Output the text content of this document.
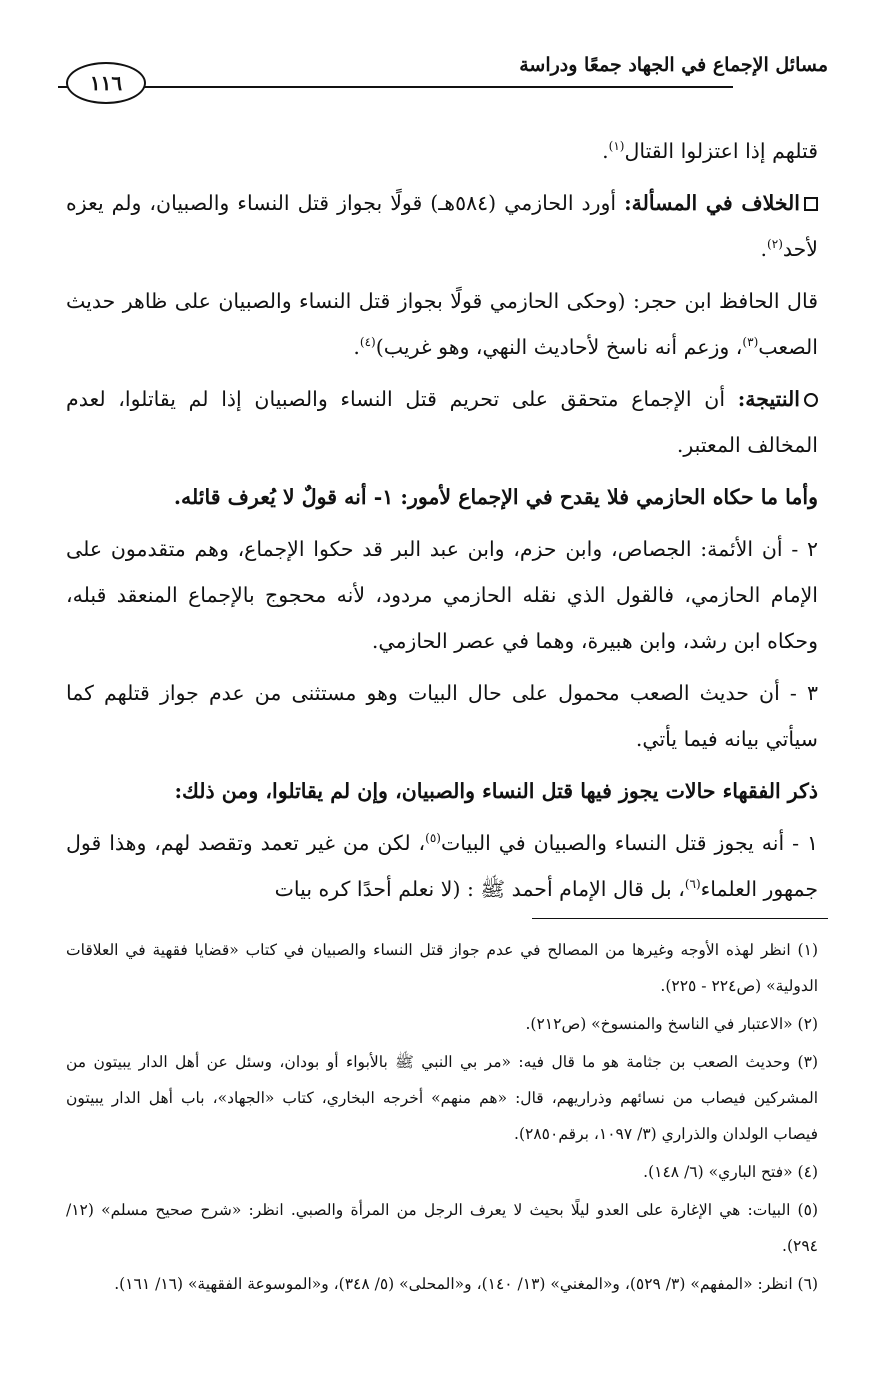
مسائل الإجماع في الجهاد جمعًا ودراسة
١١٦

قتلهم إذا اعتزلوا القتال$^{(١)}$.

الخلاف في المسألة: أورد الحازمي (٥٨٤هـ) قولًا بجواز قتل النساء والصبيان، ولم يعزه لأحد$^{(٢)}$.

قال الحافظ ابن حجر: (وحكى الحازمي قولًا بجواز قتل النساء والصبيان على ظاهر حديث الصعب$^{(٣)}$، وزعم أنه ناسخ لأحاديث النهي، وهو غريب)$^{(٤)}$.

النتيجة: أن الإجماع متحقق على تحريم قتل النساء والصبيان إذا لم يقاتلوا، لعدم المخالف المعتبر.

وأما ما حكاه الحازمي فلا يقدح في الإجماع لأمور: ١- أنه قولٌ لا يُعرف قائله.

٢ - أن الأئمة: الجصاص، وابن حزم، وابن عبد البر قد حكوا الإجماع، وهم متقدمون على الإمام الحازمي، فالقول الذي نقله الحازمي مردود، لأنه محجوج بالإجماع المنعقد قبله، وحكاه ابن رشد، وابن هبيرة، وهما في عصر الحازمي.

٣ - أن حديث الصعب محمول على حال البيات وهو مستثنى من عدم جواز قتلهم كما سيأتي بيانه فيما يأتي.

ذكر الفقهاء حالات يجوز فيها قتل النساء والصبيان، وإن لم يقاتلوا، ومن ذلك:

١ - أنه يجوز قتل النساء والصبيان في البيات$^{(٥)}$، لكن من غير تعمد وتقصد لهم، وهذا قول جمهور العلماء$^{(٦)}$، بل قال الإمام أحمد ﷺ : (لا نعلم أحدًا كره بيات

(١) انظر لهذه الأوجه وغيرها من المصالح في عدم جواز قتل النساء والصبيان في كتاب «قضايا فقهية في العلاقات الدولية» (ص٢٢٤ - ٢٢٥).

(٢) «الاعتبار في الناسخ والمنسوخ» (ص٢١٢).

(٣) وحديث الصعب بن جثامة هو ما قال فيه: «مر بي النبي ﷺ بالأبواء أو بودان، وسئل عن أهل الدار يبيتون من المشركين فيصاب من نسائهم وذراريهم، قال: «هم منهم» أخرجه البخاري، كتاب «الجهاد»، باب أهل الدار يبيتون فيصاب الولدان والذراري (٣/ ١٠٩٧، برقم٢٨٥٠).

(٤) «فتح الباري» (٦/ ١٤٨).

(٥) البيات: هي الإغارة على العدو ليلًا بحيث لا يعرف الرجل من المرأة والصبي. انظر: «شرح صحيح مسلم» (١٢/ ٢٩٤).

(٦) انظر: «المفهم» (٣/ ٥٢٩)، و«المغني» (١٣/ ١٤٠)، و«المحلى» (٥/ ٣٤٨)، و«الموسوعة الفقهية» (١٦/ ١٦١).
